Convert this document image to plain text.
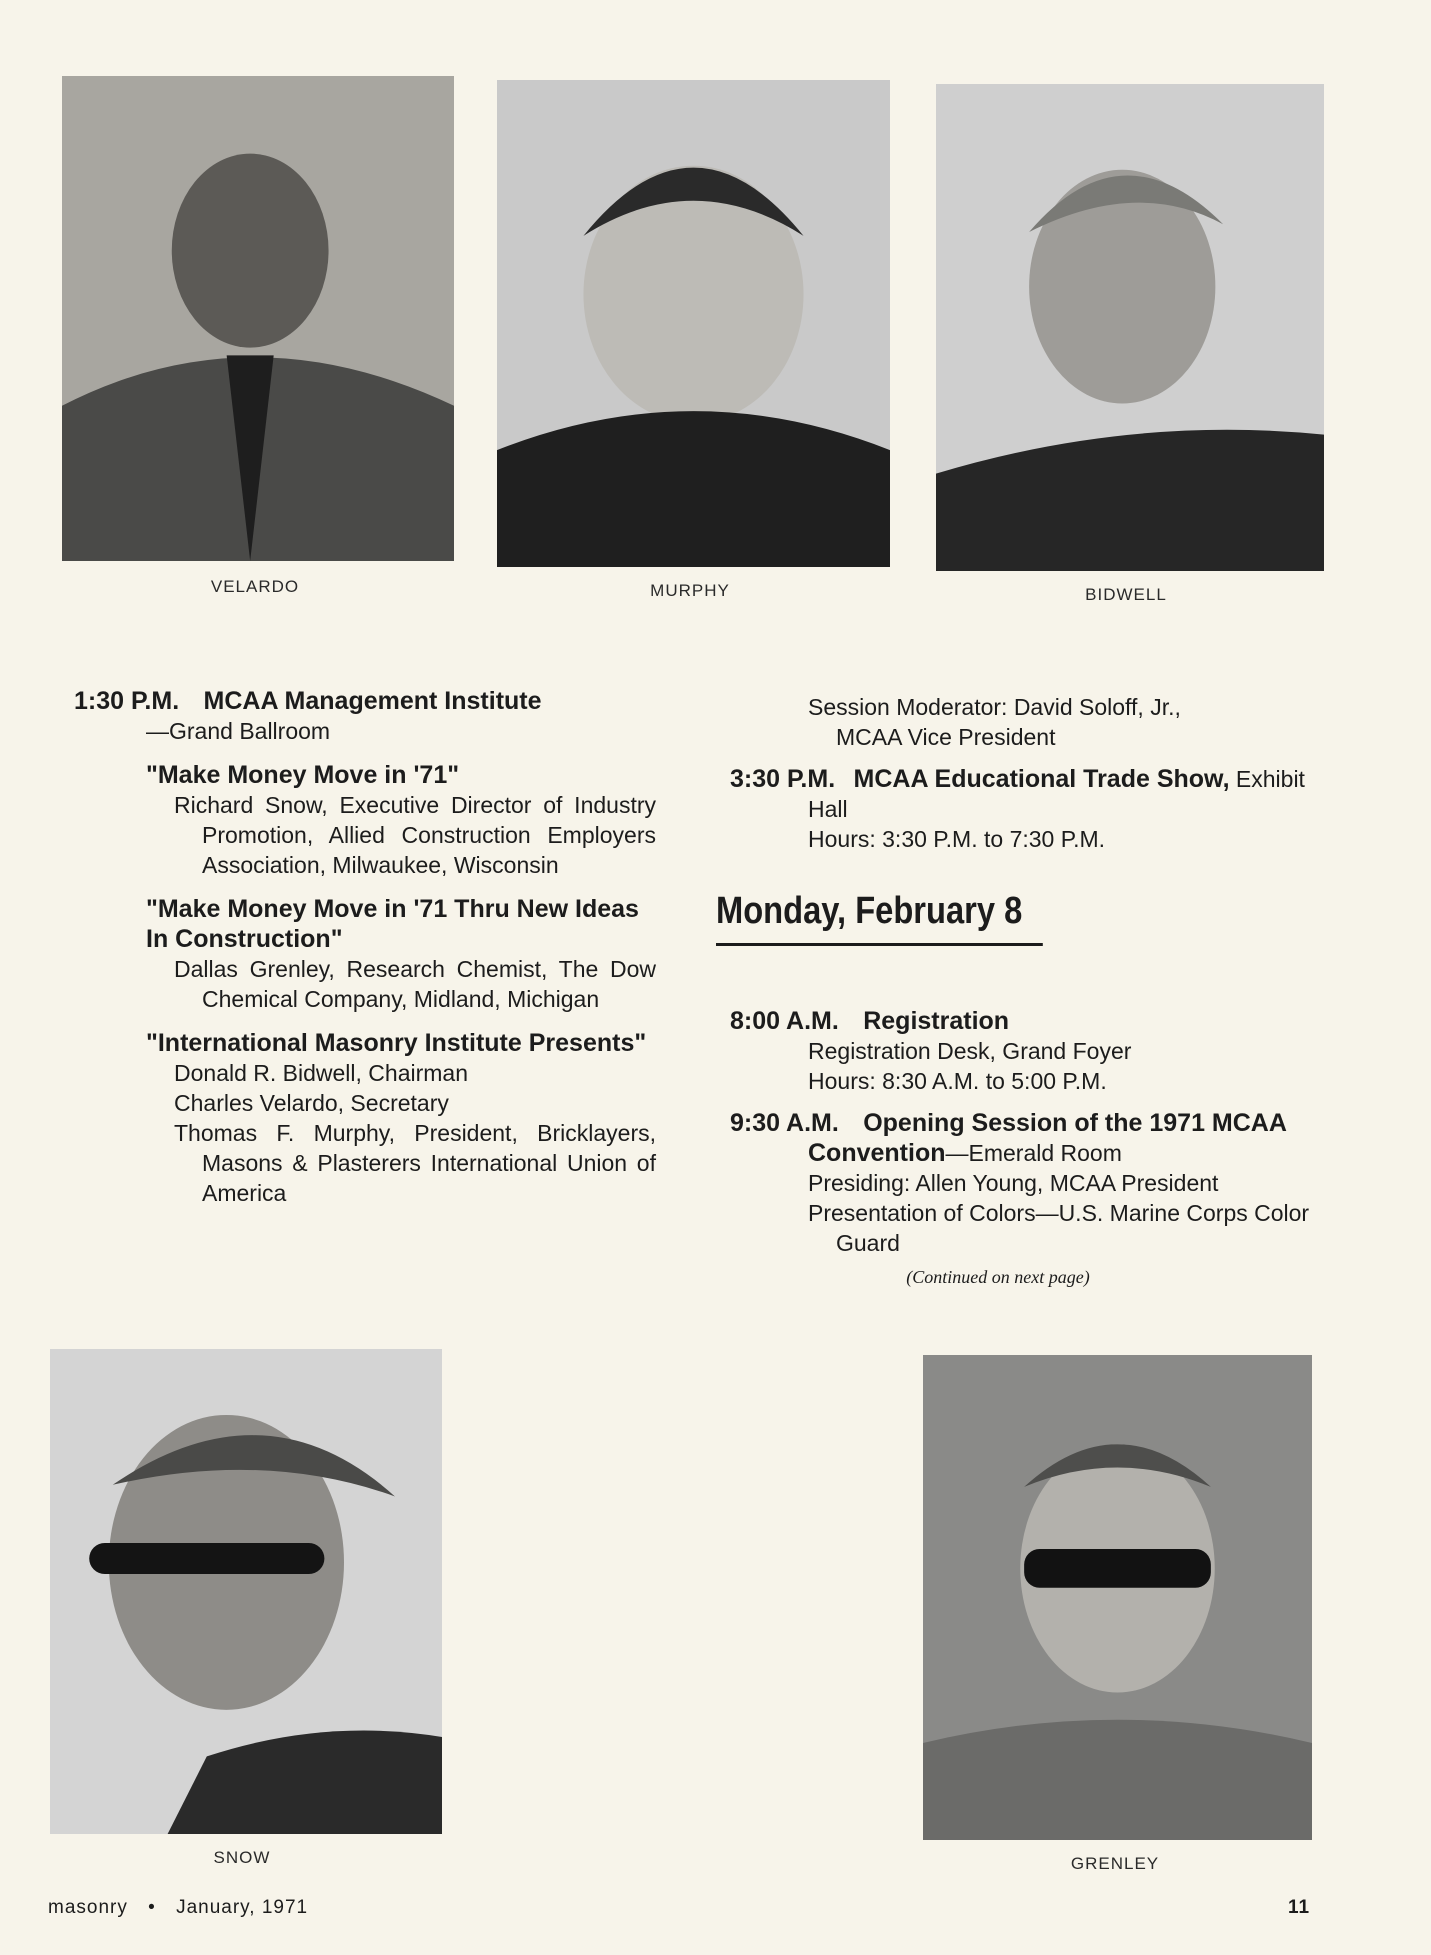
VELARDO	MURPHY	BIDWELL
1:30 P.M. MCAA Management Institute
—Grand Ballroom
"Make Money Move in '71"

Richard Snow, Executive Director of Industry Promotion, Allied Construction Employers Association, Milwaukee, Wisconsin

"Make Money Move in '71 Thru New Ideas In Construction"

Dallas Grenley, Research Chemist, The Dow Chemical Company, Midland, Michigan

"International Masonry Institute Presents"

Donald R. Bidwell, Chairman

Charles Velardo, Secretary

Thomas F. Murphy, President, Bricklayers, Masons & Plasterers International Union of America

Session Moderator: David Soloff, Jr., MCAA Vice President
3:30 P.M. MCAA Educational Trade Show, Exhibit Hall
Hours: 3:30 P.M. to 7:30 P.M.
Monday, February 8
8:00 A.M. Registration
Registration Desk, Grand Foyer
Hours: 8:30 A.M. to 5:00 P.M.
9:30 A.M. Opening Session of the 1971 MCAA Convention—Emerald Room
Presiding: Allen Young, MCAA President
Presentation of Colors—U.S. Marine Corps Color Guard
(Continued on next page)
SNOW	GRENLEY
masonry • January, 1971	11
